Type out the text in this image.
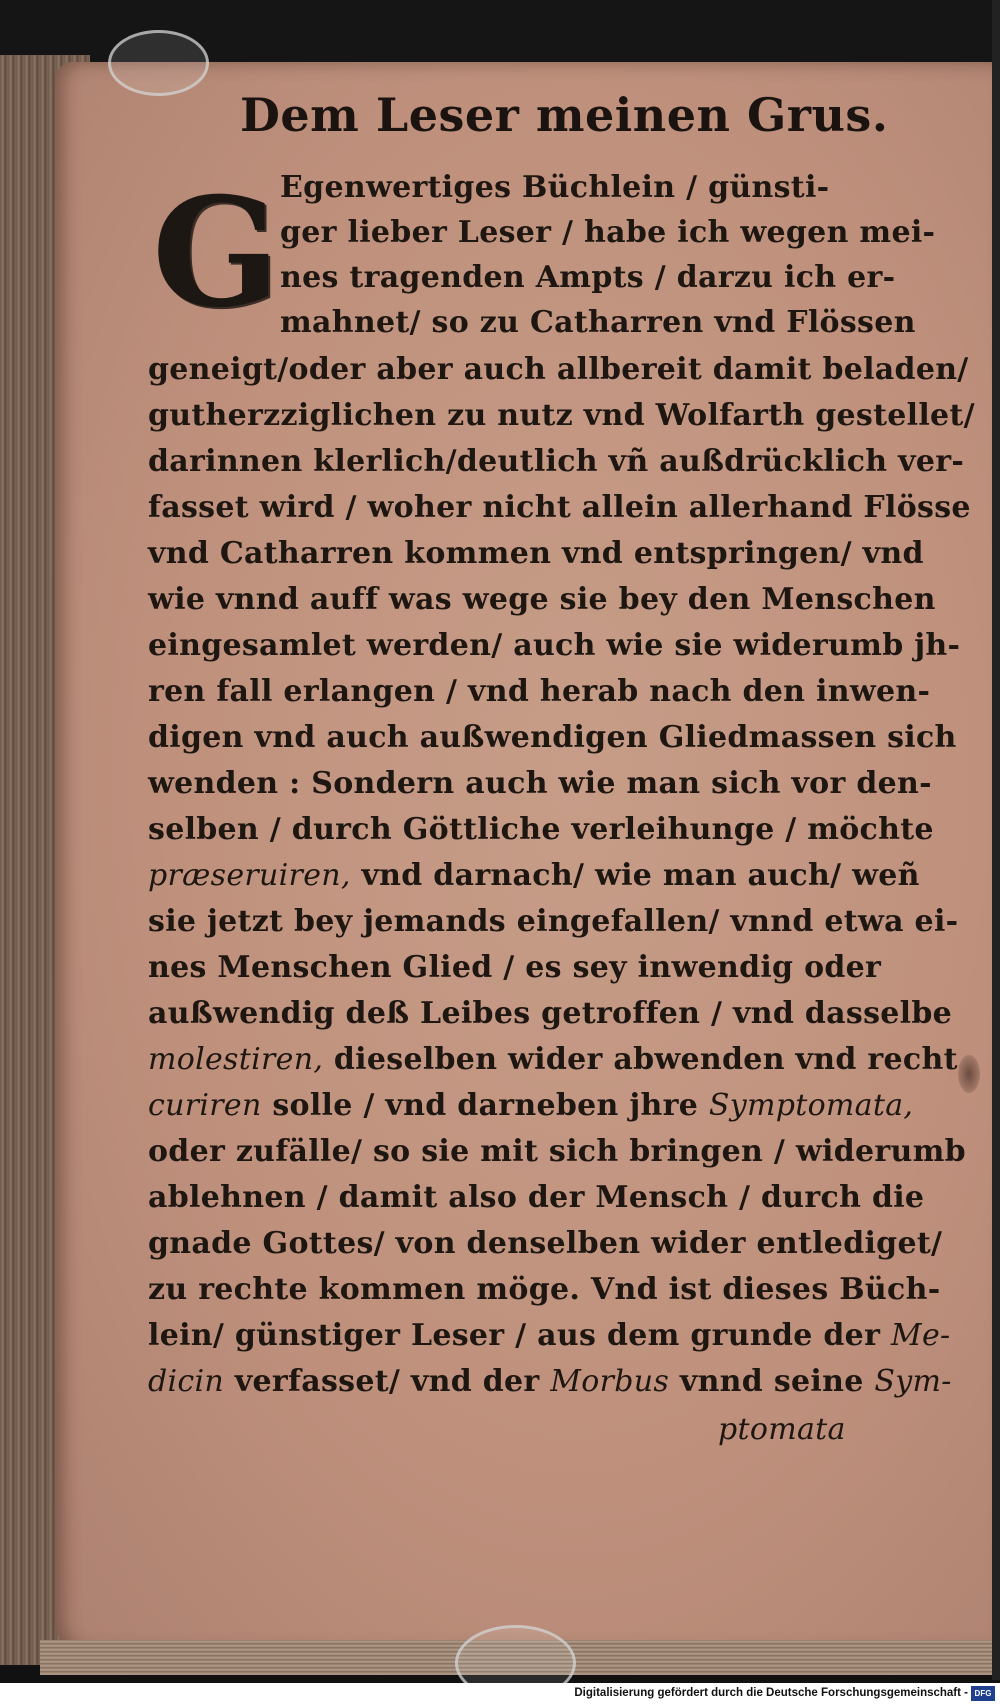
Dem Leser meinen Grus.
G Egenwertiges Büchlein / günsti-
ger lieber Leser / habe ich wegen mei-
nes tragenden Ampts / darzu ich er-
mahnet/ so zu Catharren vnd Flössen
geneigt/oder aber auch allbereit damit beladen/
gutherzziglichen zu nutz vnd Wolfarth gestellet/
darinnen klerlich/deutlich vñ außdrücklich ver-
fasset wird / woher nicht allein allerhand Flösse
vnd Catharren kommen vnd entspringen/ vnd
wie vnnd auff was wege sie bey den Menschen
eingesamlet werden/ auch wie sie widerumb jh-
ren fall erlangen / vnd herab nach den inwen-
digen vnd auch außwendigen Gliedmassen sich
wenden : Sondern auch wie man sich vor den-
selben / durch Göttliche verleihunge / möchte
præseruiren, vnd darnach/ wie man auch/ weñ
sie jetzt bey jemands eingefallen/ vnnd etwa ei-
nes Menschen Glied / es sey inwendig oder
außwendig deß Leibes getroffen / vnd dasselbe
molestiren, dieselben wider abwenden vnd recht
curiren solle / vnd darneben jhre Symptomata,
oder zufälle/ so sie mit sich bringen / widerumb
ablehnen / damit also der Mensch / durch die
gnade Gottes/ von denselben wider entlediget/
zu rechte kommen möge. Vnd ist dieses Büch-
lein/ günstiger Leser / aus dem grunde der Me-
dicin verfasset/ vnd der Morbus vnnd seine Sym-
ptomata
Digitalisierung gefördert durch die Deutsche Forschungsgemeinschaft - DFG
